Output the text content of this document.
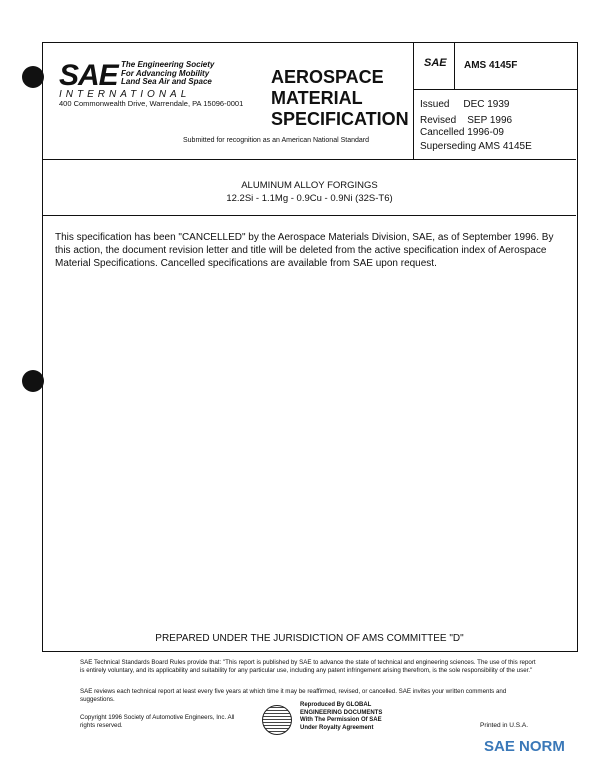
SAE The Engineering Society
For Advancing Mobility
Land Sea Air and Space
INTERNATIONAL
400 Commonwealth Drive, Warrendale, PA 15096-0001
AEROSPACE
MATERIAL
SPECIFICATION
Submitted for recognition as an American National Standard
SAE AMS 4145F
Issued     DEC 1939
Revised    SEP 1996
Cancelled 1996-09
Superseding AMS 4145E
ALUMINUM ALLOY FORGINGS
12.2Si - 1.1Mg - 0.9Cu - 0.9Ni (32S-T6)
This specification has been "CANCELLED" by the Aerospace Materials Division, SAE, as of September 1996. By this action, the document revision letter and title will be deleted from the active specification index of Aerospace Material Specifications. Cancelled specifications are available from SAE upon request.
PREPARED UNDER THE JURISDICTION OF AMS COMMITTEE "D"
SAE Technical Standards Board Rules provide that: "This report is published by SAE to advance the state of technical and engineering sciences. The use of this report is entirely voluntary, and its applicability and suitability for any particular use, including any patent infringement arising therefrom, is the sole responsibility of the user."
SAE reviews each technical report at least every five years at which time it may be reaffirmed, revised, or cancelled. SAE invites your written comments and suggestions.
Copyright 1996 Society of Automotive Engineers, Inc. All rights reserved.
Reproduced By GLOBAL
ENGINEERING DOCUMENTS
With The Permission Of SAE
Under Royalty Agreement	Printed in U.S.A.
SAE NORM
